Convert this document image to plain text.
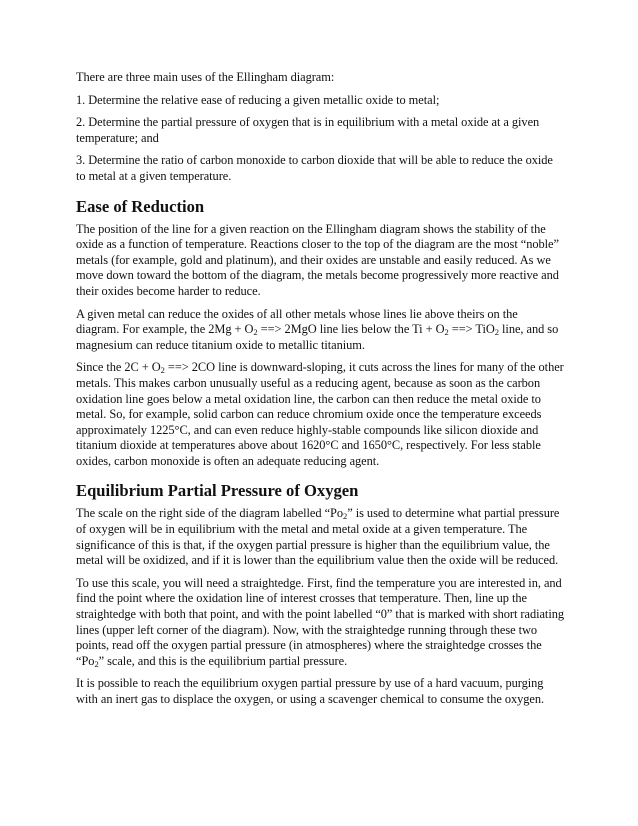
There are three main uses of the Ellingham diagram:

1. Determine the relative ease of reducing a given metallic oxide to metal;

2. Determine the partial pressure of oxygen that is in equilibrium with a metal oxide at a given temperature; and

3. Determine the ratio of carbon monoxide to carbon dioxide that will be able to reduce the oxide to metal at a given temperature.

Ease of Reduction

The position of the line for a given reaction on the Ellingham diagram shows the stability of the oxide as a function of temperature. Reactions closer to the top of the diagram are the most “noble” metals (for example, gold and platinum), and their oxides are unstable and easily reduced. As we move down toward the bottom of the diagram, the metals become progressively more reactive and their oxides become harder to reduce.

A given metal can reduce the oxides of all other metals whose lines lie above theirs on the diagram. For example, the $2Mg + O_2$ ==> 2MgO line lies below the $Ti + O_2$ ==> TiO$_2$ line, and so magnesium can reduce titanium oxide to metallic titanium.

Since the $2C + O_2$ ==> 2CO line is downward-sloping, it cuts across the lines for many of the other metals. This makes carbon unusually useful as a reducing agent, because as soon as the carbon oxidation line goes below a metal oxidation line, the carbon can then reduce the metal oxide to metal. So, for example, solid carbon can reduce chromium oxide once the temperature exceeds approximately 1225°C, and can even reduce highly-stable compounds like silicon dioxide and titanium dioxide at temperatures above about 1620°C and 1650°C, respectively. For less stable oxides, carbon monoxide is often an adequate reducing agent.

Equilibrium Partial Pressure of Oxygen

The scale on the right side of the diagram labelled “$Po_2$” is used to determine what partial pressure of oxygen will be in equilibrium with the metal and metal oxide at a given temperature. The significance of this is that, if the oxygen partial pressure is higher than the equilibrium value, the metal will be oxidized, and if it is lower than the equilibrium value then the oxide will be reduced.

To use this scale, you will need a straightedge. First, find the temperature you are interested in, and find the point where the oxidation line of interest crosses that temperature. Then, line up the straightedge with both that point, and with the point labelled “0” that is marked with short radiating lines (upper left corner of the diagram). Now, with the straightedge running through these two points, read off the oxygen partial pressure (in atmospheres) where the straightedge crosses the “$Po_2$” scale, and this is the equilibrium partial pressure.

It is possible to reach the equilibrium oxygen partial pressure by use of a hard vacuum, purging with an inert gas to displace the oxygen, or using a scavenger chemical to consume the oxygen.
